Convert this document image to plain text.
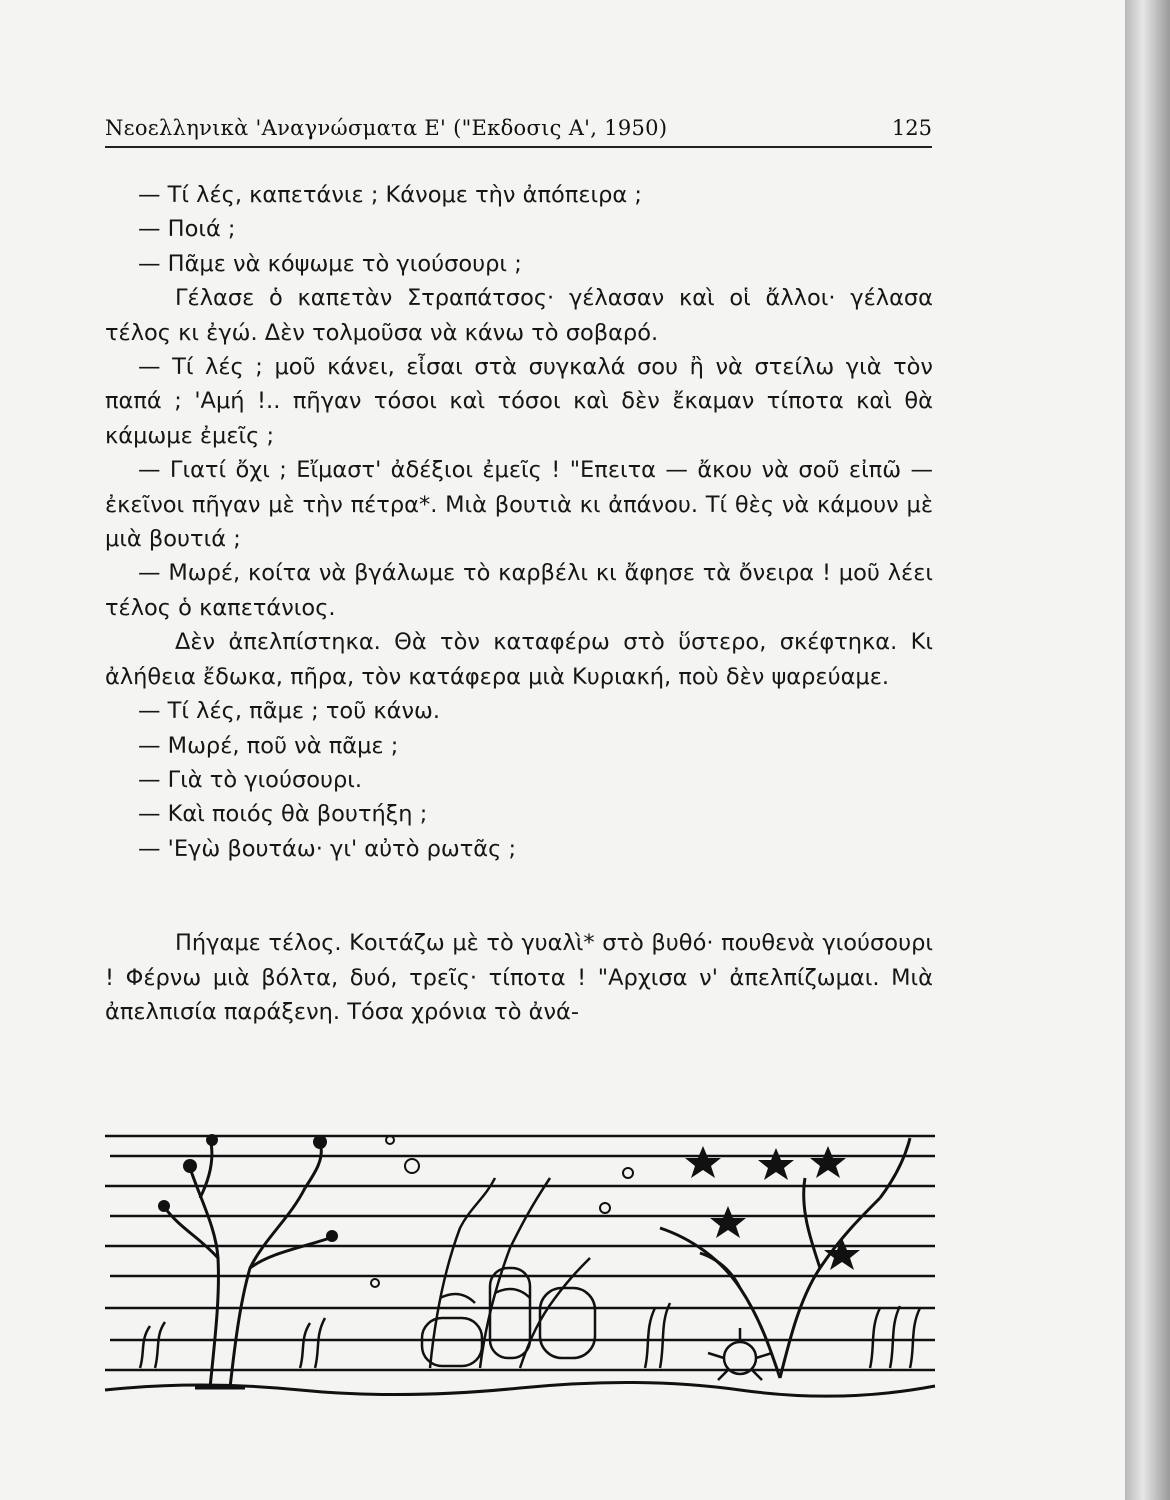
Νεοελληνικὰ 'Αναγνώσματα Ε' ("Εκδοσις Α', 1950)	125
— Τί λές, καπετάνιε ; Κάνομε τὴν ἀπόπειρα ;
— Ποιά ;
— Πᾶμε νὰ κόψωμε τὸ γιούσουρι ;
Γέλασε ὁ καπετὰν Στραπάτσος· γέλασαν καὶ οἱ ἄλλοι· γέλασα τέλος κι ἐγώ. Δὲν τολμοῦσα νὰ κάνω τὸ σοβαρό.
— Τί λές ; μοῦ κάνει, εἶσαι στὰ συγκαλά σου ἢ νὰ στείλω γιὰ τὸν παπά ; 'Αμή !.. πῆγαν τόσοι καὶ τόσοι καὶ δὲν ἔκαμαν τίποτα καὶ θὰ κάμωμε ἐμεῖς ;
— Γιατί ὄχι ; Εἴμαστ' ἀδέξιοι ἐμεῖς ! "Επειτα — ἄκου νὰ σοῦ εἰπῶ — ἐκεῖνοι πῆγαν μὲ τὴν πέτρα*. Μιὰ βουτιὰ κι ἀπάνου. Τί θὲς νὰ κάμουν μὲ μιὰ βουτιά ;
— Μωρέ, κοίτα νὰ βγάλωμε τὸ καρβέλι κι ἄφησε τὰ ὄνειρα ! μοῦ λέει τέλος ὁ καπετάνιος.
Δὲν ἀπελπίστηκα. Θὰ τὸν καταφέρω στὸ ὕστερο, σκέφτηκα. Κι ἀλήθεια ἔδωκα, πῆρα, τὸν κατάφερα μιὰ Κυριακή, ποὺ δὲν ψαρεύαμε.
— Τί λές, πᾶμε ; τοῦ κάνω.
— Μωρέ, ποῦ νὰ πᾶμε ;
— Γιὰ τὸ γιούσουρι.
— Καὶ ποιός θὰ βουτήξη ;
— 'Εγὼ βουτάω· γι' αὐτὸ ρωτᾶς ;
Πήγαμε τέλος. Κοιτάζω μὲ τὸ γυαλὶ* στὸ βυθό· πουθενὰ γιούσουρι ! Φέρνω μιὰ βόλτα, δυό, τρεῖς· τίποτα ! "Αρχισα ν' ἀπελπίζωμαι. Μιὰ ἀπελπισία παράξενη. Τόσα χρόνια τὸ ἀνά-
